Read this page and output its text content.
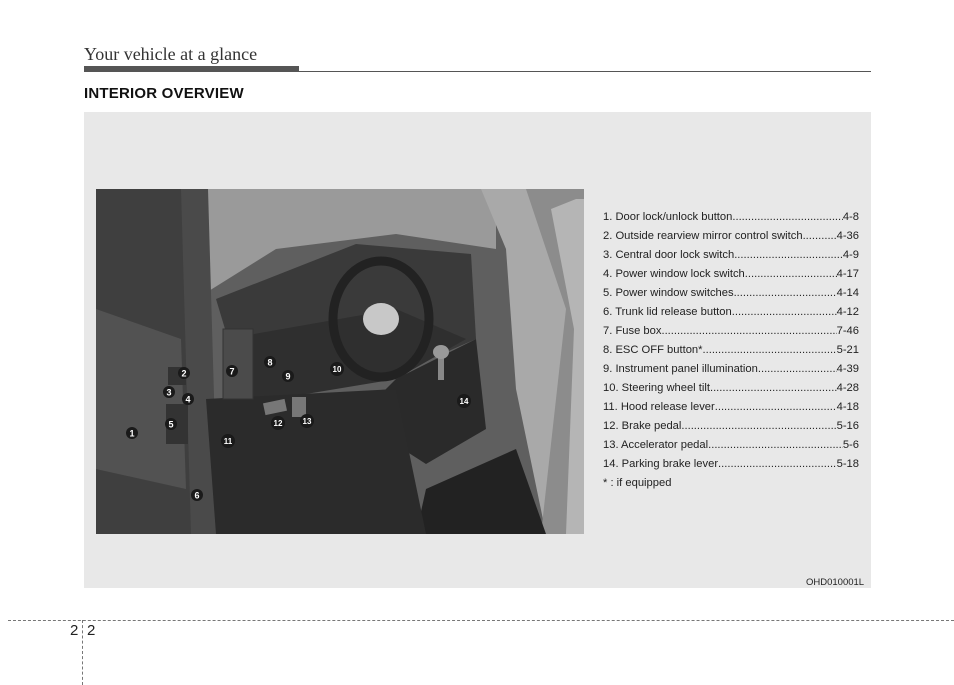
Your vehicle at a glance
INTERIOR OVERVIEW
1
2
3
4
5
6
7
8
9
10
11
12	13
14
1. Door lock/unlock button .....	4-8
2. Outside rearview mirror control switch .....	4-36
3. Central door lock switch .....	4-9
4. Power window lock switch .....	4-17
5. Power window switches .....	4-14
6. Trunk lid release button .....	4-12
7. Fuse box .....	7-46
8. ESC OFF button* .....	5-21
9. Instrument panel illumination .....	4-39
10. Steering wheel tilt .....	4-28
11. Hood release lever .....	4-18
12. Brake pedal .....	5-16
13. Accelerator pedal .....	5-6
14. Parking brake lever .....	5-18
* : if equipped
OHD010001L
2 2
